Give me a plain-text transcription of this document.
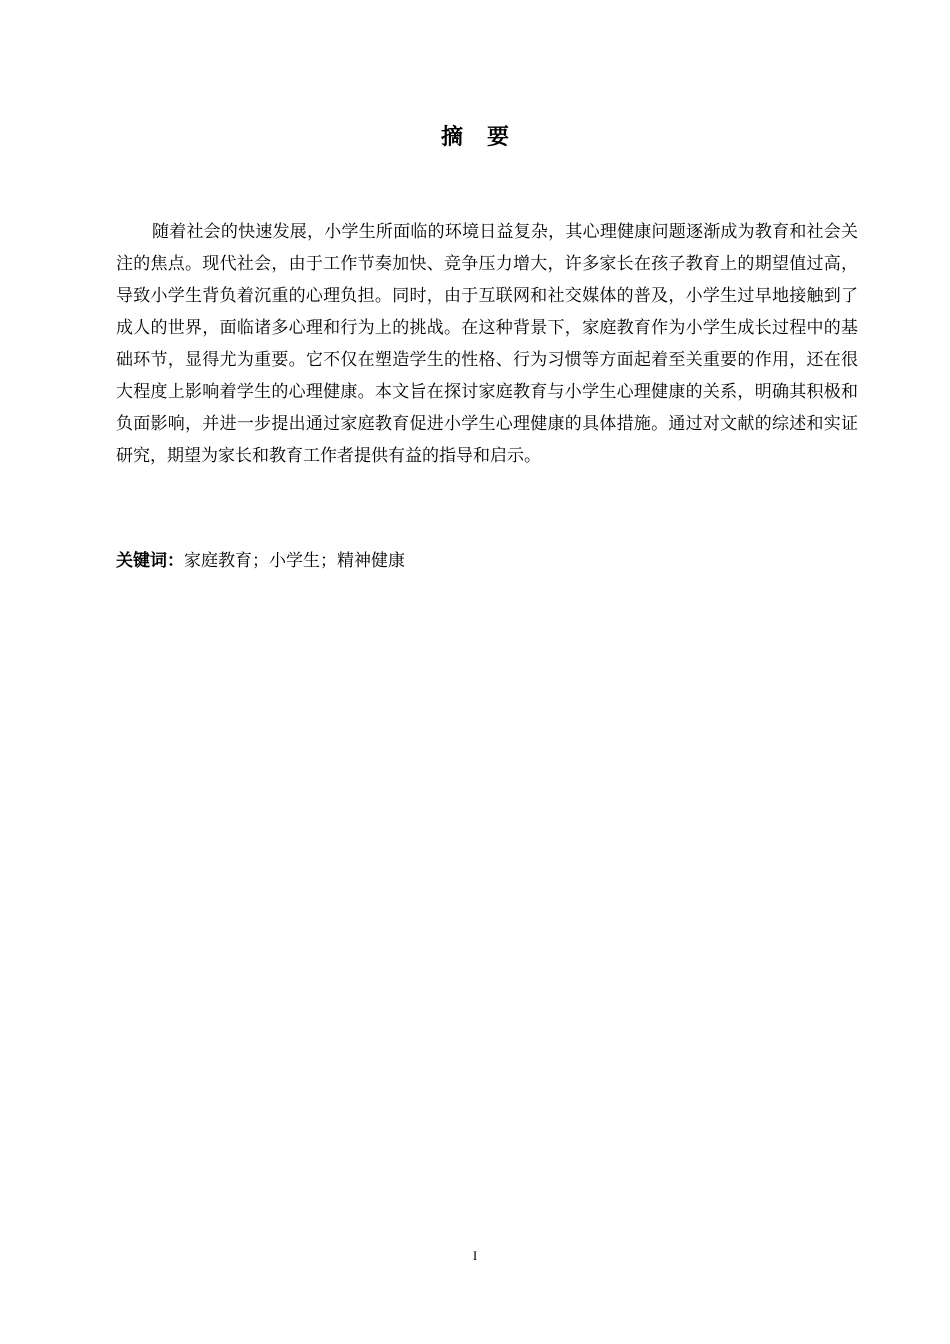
摘要

随着社会的快速发展，小学生所面临的环境日益复杂，其心理健康问题逐渐成为教育和社会关注的焦点。现代社会，由于工作节奏加快、竞争压力增大，许多家长在孩子教育上的期望值过高，导致小学生背负着沉重的心理负担。同时，由于互联网和社交媒体的普及，小学生过早地接触到了成人的世界，面临诸多心理和行为上的挑战。在这种背景下，家庭教育作为小学生成长过程中的基础环节，显得尤为重要。它不仅在塑造学生的性格、行为习惯等方面起着至关重要的作用，还在很大程度上影响着学生的心理健康。本文旨在探讨家庭教育与小学生心理健康的关系，明确其积极和负面影响，并进一步提出通过家庭教育促进小学生心理健康的具体措施。通过对文献的综述和实证研究，期望为家长和教育工作者提供有益的指导和启示。

关键词：家庭教育；小学生；精神健康
I
